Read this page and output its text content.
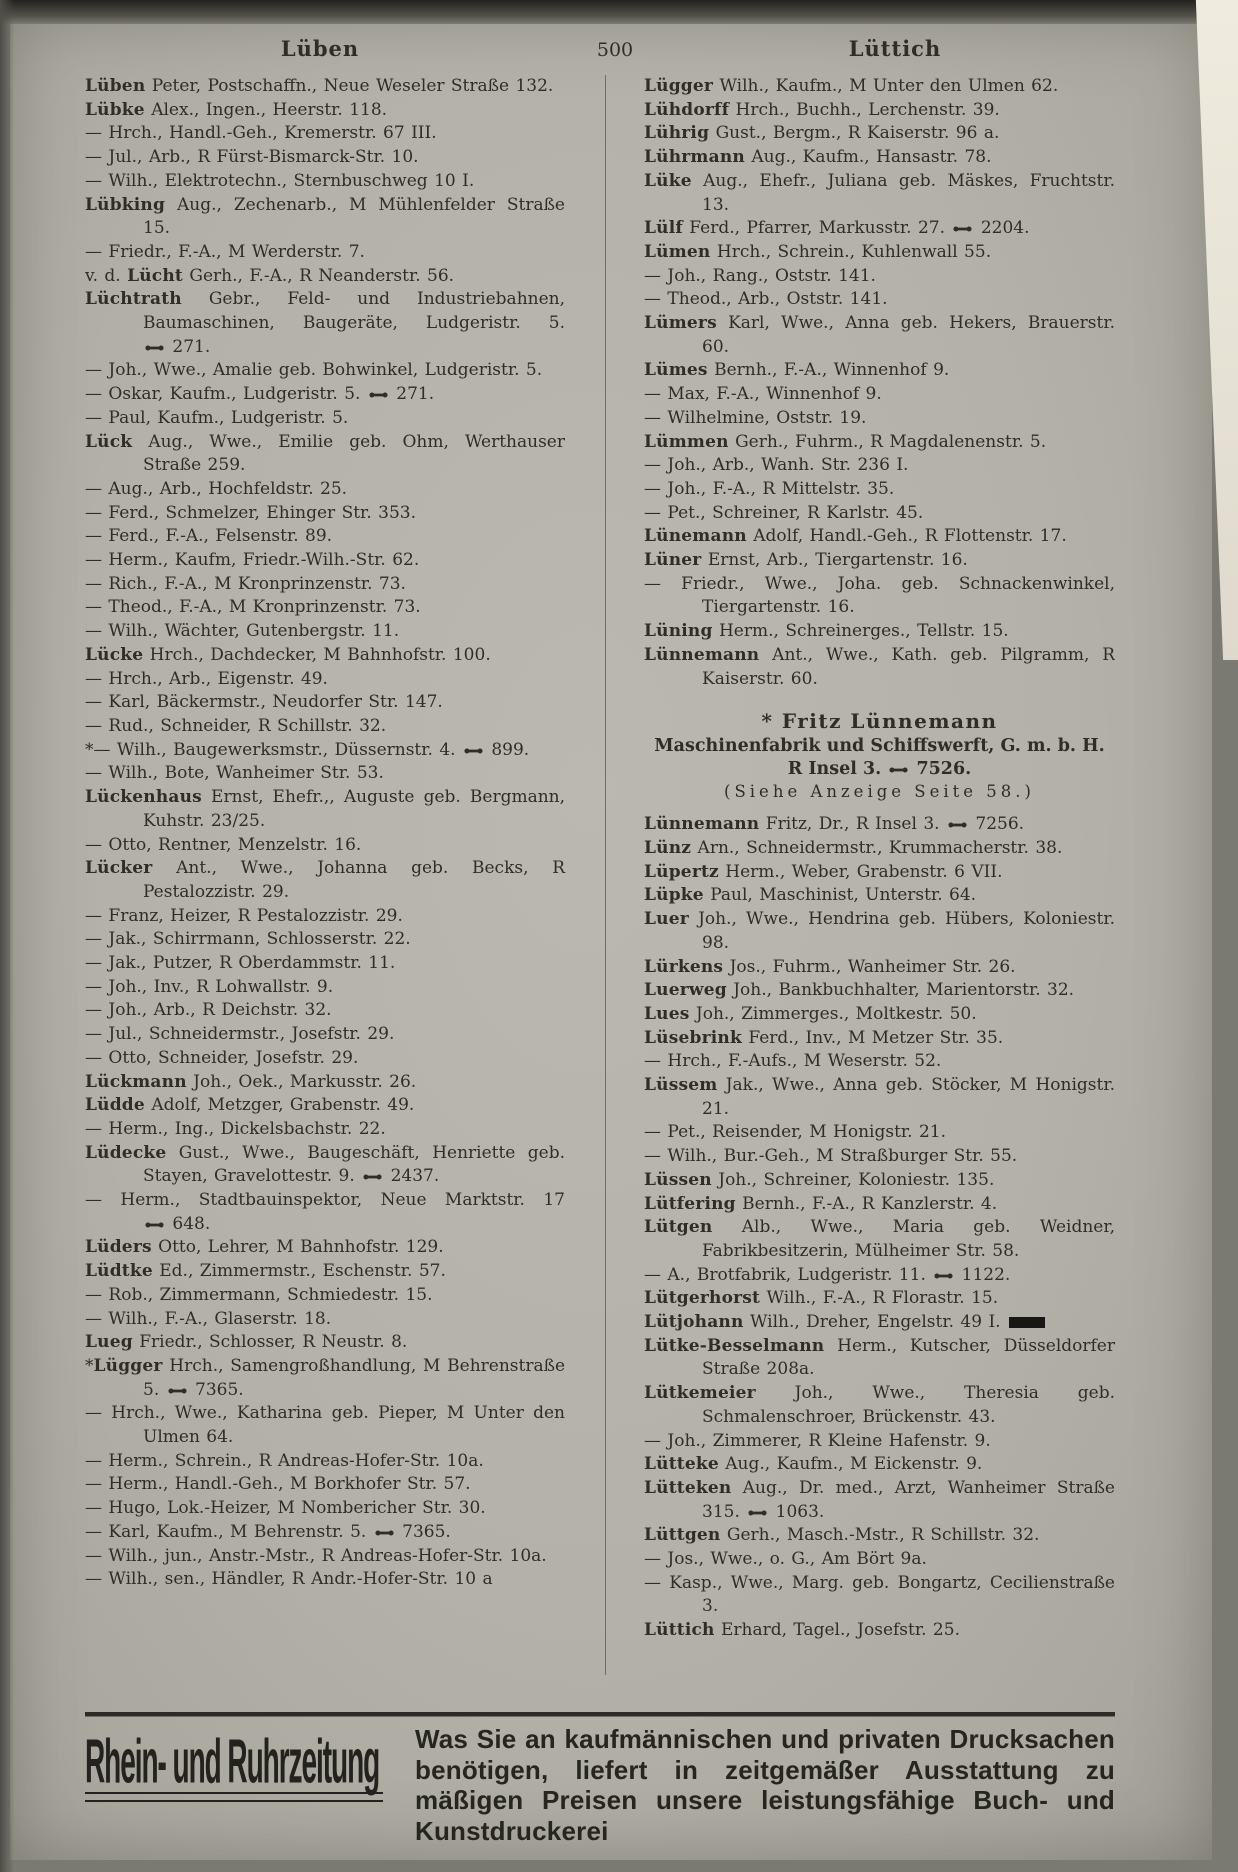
Lüben	500	Lüttich

Lüben Peter, Postschaffn., Neue Weseler Straße 132.

Lübke Alex., Ingen., Heerstr. 118.

— Hrch., Handl.-Geh., Kremerstr. 67 III.

— Jul., Arb., R Fürst-Bismarck-Str. 10.

— Wilh., Elektrotechn., Sternbuschweg 10 I.

Lübking Aug., Zechenarb., M Mühlenfelder Straße 15.

— Friedr., F.-A., M Werderstr. 7.

v. d. Lücht Gerh., F.-A., R Neanderstr. 56.

Lüchtrath Gebr., Feld- und Industriebahnen, Baumaschinen, Baugeräte, Ludgeristr. 5.  271.

— Joh., Wwe., Amalie geb. Bohwinkel, Ludgeristr. 5.

— Oskar, Kaufm., Ludgeristr. 5. 271.

— Paul, Kaufm., Ludgeristr. 5.

Lück Aug., Wwe., Emilie geb. Ohm, Werthauser Straße 259.

— Aug., Arb., Hochfeldstr. 25.

— Ferd., Schmelzer, Ehinger Str. 353.

— Ferd., F.-A., Felsenstr. 89.

— Herm., Kaufm, Friedr.-Wilh.-Str. 62.

— Rich., F.-A., M Kronprinzenstr. 73.

— Theod., F.-A., M Kronprinzenstr. 73.

— Wilh., Wächter, Gutenbergstr. 11.

Lücke Hrch., Dachdecker, M Bahnhofstr. 100.

— Hrch., Arb., Eigenstr. 49.

— Karl, Bäckermstr., Neudorfer Str. 147.

— Rud., Schneider, R Schillstr. 32.

*— Wilh., Baugewerksmstr., Düssernstr. 4. 899.

— Wilh., Bote, Wanheimer Str. 53.

Lückenhaus Ernst, Ehefr.,, Auguste geb. Bergmann, Kuhstr. 23/25.

— Otto, Rentner, Menzelstr. 16.

Lücker Ant., Wwe., Johanna geb. Becks, R Pestalozzistr. 29.

— Franz, Heizer, R Pestalozzistr. 29.

— Jak., Schirrmann, Schlosserstr. 22.

— Jak., Putzer, R Oberdammstr. 11.

— Joh., Inv., R Lohwallstr. 9.

— Joh., Arb., R Deichstr. 32.

— Jul., Schneidermstr., Josefstr. 29.

— Otto, Schneider, Josefstr. 29.

Lückmann Joh., Oek., Markusstr. 26.

Lüdde Adolf, Metzger, Grabenstr. 49.

— Herm., Ing., Dickelsbachstr. 22.

Lüdecke Gust., Wwe., Baugeschäft, Henriette geb. Stayen, Gravelottestr. 9. 2437.

— Herm., Stadtbauinspektor, Neue Marktstr. 17  648.

Lüders Otto, Lehrer, M Bahnhofstr. 129.

Lüdtke Ed., Zimmermstr., Eschenstr. 57.

— Rob., Zimmermann, Schmiedestr. 15.

— Wilh., F.-A., Glaserstr. 18.

Lueg Friedr., Schlosser, R Neustr. 8.

*Lügger Hrch., Samengroßhandlung, M Behrenstraße 5. 7365.

— Hrch., Wwe., Katharina geb. Pieper, M Unter den Ulmen 64.

— Herm., Schrein., R Andreas-Hofer-Str. 10a.

— Herm., Handl.-Geh., M Borkhofer Str. 57.

— Hugo, Lok.-Heizer, M Nombericher Str. 30.

— Karl, Kaufm., M Behrenstr. 5. 7365.

— Wilh., jun., Anstr.-Mstr., R Andreas-Hofer-Str. 10a.

— Wilh., sen., Händler, R Andr.-Hofer-Str. 10 a

Lügger Wilh., Kaufm., M Unter den Ulmen 62.

Lühdorff Hrch., Buchh., Lerchenstr. 39.

Lührig Gust., Bergm., R Kaiserstr. 96 a.

Lührmann Aug., Kaufm., Hansastr. 78.

Lüke Aug., Ehefr., Juliana geb. Mäskes, Fruchtstr. 13.

Lülf Ferd., Pfarrer, Markusstr. 27. 2204.

Lümen Hrch., Schrein., Kuhlenwall 55.

— Joh., Rang., Oststr. 141.

— Theod., Arb., Oststr. 141.

Lümers Karl, Wwe., Anna geb. Hekers, Brauerstr. 60.

Lümes Bernh., F.-A., Winnenhof 9.

— Max, F.-A., Winnenhof 9.

— Wilhelmine, Oststr. 19.

Lümmen Gerh., Fuhrm., R Magdalenenstr. 5.

— Joh., Arb., Wanh. Str. 236 I.

— Joh., F.-A., R Mittelstr. 35.

— Pet., Schreiner, R Karlstr. 45.

Lünemann Adolf, Handl.-Geh., R Flottenstr. 17.

Lüner Ernst, Arb., Tiergartenstr. 16.

— Friedr., Wwe., Joha. geb. Schnackenwinkel, Tiergartenstr. 16.

Lüning Herm., Schreinerges., Tellstr. 15.

Lünnemann Ant., Wwe., Kath. geb. Pilgramm, R Kaiserstr. 60.

* Fritz Lünnemann
Maschinenfabrik und Schiffswerft, G. m. b. H.
R Insel 3. 7526.
(Siehe Anzeige Seite 58.)

Lünnemann Fritz, Dr., R Insel 3. 7256.

Lünz Arn., Schneidermstr., Krummacherstr. 38.

Lüpertz Herm., Weber, Grabenstr. 6 VII.

Lüpke Paul, Maschinist, Unterstr. 64.

Luer Joh., Wwe., Hendrina geb. Hübers, Koloniestr. 98.

Lürkens Jos., Fuhrm., Wanheimer Str. 26.

Luerweg Joh., Bankbuchhalter, Marientorstr. 32.

Lues Joh., Zimmerges., Moltkestr. 50.

Lüsebrink Ferd., Inv., M Metzer Str. 35.

— Hrch., F.-Aufs., M Weserstr. 52.

Lüssem Jak., Wwe., Anna geb. Stöcker, M Honigstr. 21.

— Pet., Reisender, M Honigstr. 21.

— Wilh., Bur.-Geh., M Straßburger Str. 55.

Lüssen Joh., Schreiner, Koloniestr. 135.

Lütfering Bernh., F.-A., R Kanzlerstr. 4.

Lütgen Alb., Wwe., Maria geb. Weidner, Fabrikbesitzerin, Mülheimer Str. 58.

— A., Brotfabrik, Ludgeristr. 11. 1122.

Lütgerhorst Wilh., F.-A., R Florastr. 15.

Lütjohann Wilh., Dreher, Engelstr. 49 I.

Lütke-Besselmann Herm., Kutscher, Düsseldorfer Straße 208a.

Lütkemeier Joh., Wwe., Theresia geb. Schmalenschroer, Brückenstr. 43.

— Joh., Zimmerer, R Kleine Hafenstr. 9.

Lütteke Aug., Kaufm., M Eickenstr. 9.

Lütteken Aug., Dr. med., Arzt, Wanheimer Straße 315. 1063.

Lüttgen Gerh., Masch.-Mstr., R Schillstr. 32.

— Jos., Wwe., o. G., Am Bört 9a.

— Kasp., Wwe., Marg. geb. Bongartz, Cecilienstraße 3.

Lüttich Erhard, Tagel., Josefstr. 25.

Rhein- und Ruhrzeitung Was Sie an kaufmännischen und privaten Drucksachen benötigen, liefert in zeitgemäßer Ausstattung zu mäßigen Preisen unsere leistungsfähige Buch- und Kunstdruckerei
